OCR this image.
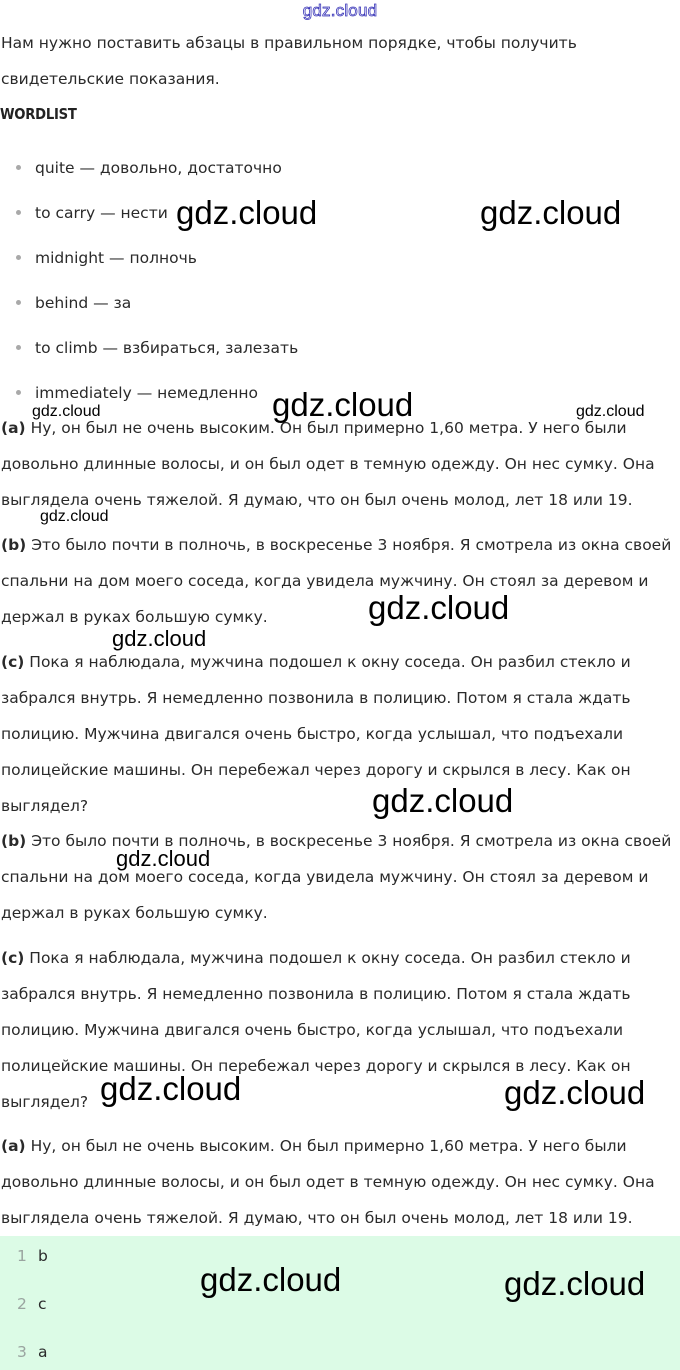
gdz.cloud

Нам нужно поставить абзацы в правильном порядке, чтобы получить свидетельские показания.

WORDLIST

quite — довольно, достаточно
to carry — нести
midnight — полночь
behind — за
to climb — взбираться, залезать
immediately — немедленно

(a) Ну, он был не очень высоким. Он был примерно 1,60 метра. У него были довольно длинные волосы, и он был одет в темную одежду. Он нес сумку. Она выглядела очень тяжелой. Я думаю, что он был очень молод, лет 18 или 19.

(b) Это было почти в полночь, в воскресенье 3 ноября. Я смотрела из окна своей спальни на дом моего соседа, когда увидела мужчину. Он стоял за деревом и держал в руках большую сумку.

(c) Пока я наблюдала, мужчина подошел к окну соседа. Он разбил стекло и забрался внутрь. Я немедленно позвонила в полицию. Потом я стала ждать полицию. Мужчина двигался очень быстро, когда услышал, что подъехали полицейские машины. Он перебежал через дорогу и скрылся в лесу. Как он выглядел?

(b) Это было почти в полночь, в воскресенье 3 ноября. Я смотрела из окна своей спальни на дом моего соседа, когда увидела мужчину. Он стоял за деревом и держал в руках большую сумку.

(c) Пока я наблюдала, мужчина подошел к окну соседа. Он разбил стекло и забрался внутрь. Я немедленно позвонила в полицию. Потом я стала ждать полицию. Мужчина двигался очень быстро, когда услышал, что подъехали полицейские машины. Он перебежал через дорогу и скрылся в лесу. Как он выглядел?

(a) Ну, он был не очень высоким. Он был примерно 1,60 метра. У него были довольно длинные волосы, и он был одет в темную одежду. Он нес сумку. Она выглядела очень тяжелой. Я думаю, что он был очень молод, лет 18 или 19.

1 b
2 c
3 a
gdz.cloud	gdz.cloud
gdz.cloud
gdz.cloud	gdz.cloud
gdz.cloud
gdz.cloud
gdz.cloud
gdz.cloud
gdz.cloud
gdz.cloud	gdz.cloud
gdz.cloud	gdz.cloud
